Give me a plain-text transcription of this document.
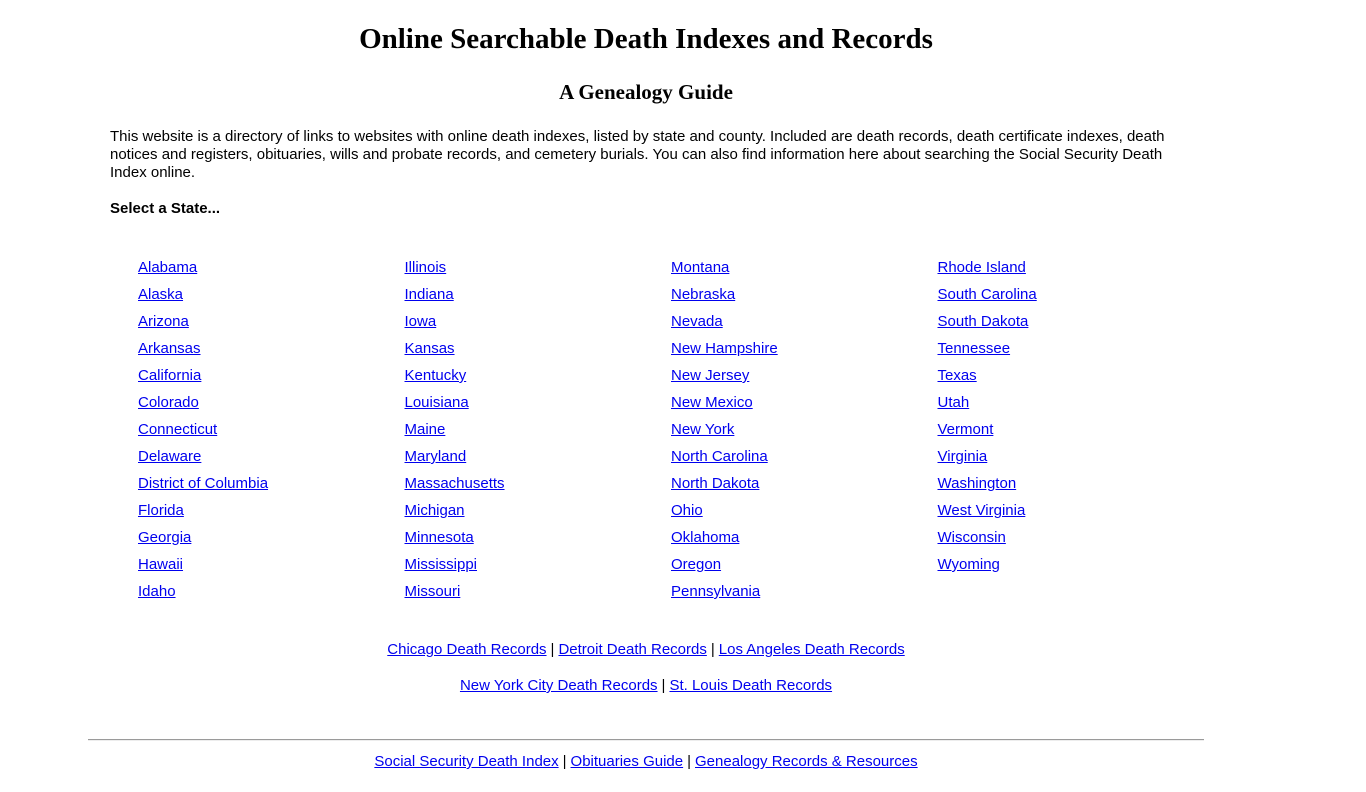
Online Searchable Death Indexes and Records
A Genealogy Guide

This website is a directory of links to websites with online death indexes, listed by state and county. Included are death records, death certificate indexes, death notices and registers, obituaries, wills and probate records, and cemetery burials. You can also find information here about searching the Social Security Death Index online.

Select a State...

Alabama
Alaska
Arizona
Arkansas
California
Colorado
Connecticut
Delaware
District of Columbia
Florida
Georgia
Hawaii
Idaho
Illinois
Indiana
Iowa
Kansas
Kentucky
Louisiana
Maine
Maryland
Massachusetts
Michigan
Minnesota
Mississippi
Missouri
Montana
Nebraska
Nevada
New Hampshire
New Jersey
New Mexico
New York
North Carolina
North Dakota
Ohio
Oklahoma
Oregon
Pennsylvania
Rhode Island
South Carolina
South Dakota
Tennessee
Texas
Utah
Vermont
Virginia
Washington
West Virginia
Wisconsin
Wyoming

Chicago Death Records | Detroit Death Records | Los Angeles Death Records

New York City Death Records | St. Louis Death Records

Social Security Death Index | Obituaries Guide | Genealogy Records & Resources
